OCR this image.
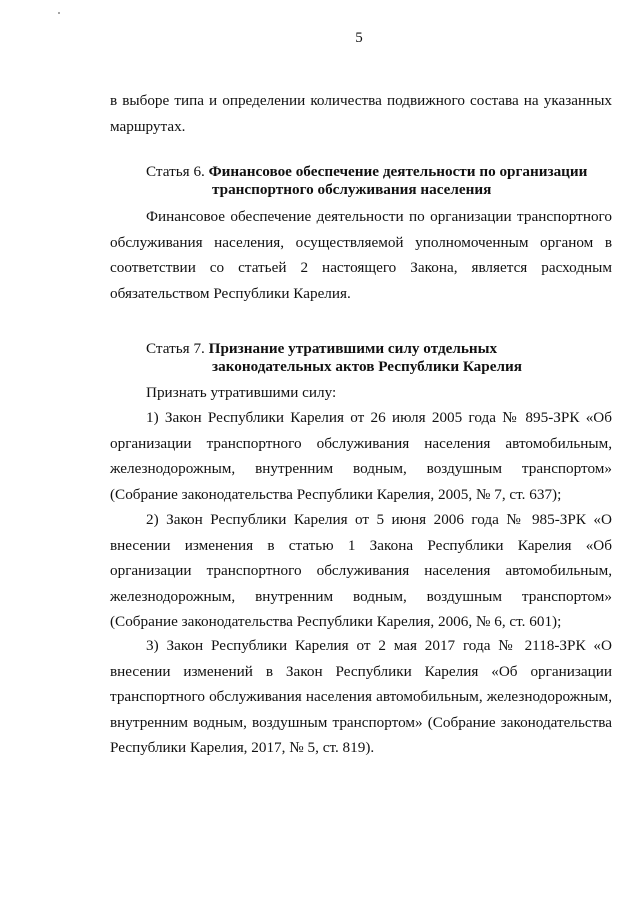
5
в выборе типа и определении количества подвижного состава на указанных маршрутах.
Статья 6. Финансовое обеспечение деятельности по организации
транспортного обслуживания населения
Финансовое обеспечение деятельности по организации транспортного обслуживания населения, осуществляемой уполномоченным органом в соответствии со статьей 2 настоящего Закона, является расходным обязательством Республики Карелия.
Статья 7. Признание утратившими силу отдельных
законодательных актов Республики Карелия
Признать утратившими силу:
1) Закон Республики Карелия от 26 июля 2005 года № 895-ЗРК «Об организации транспортного обслуживания населения автомобильным, железнодорожным, внутренним водным, воздушным транспортом» (Собрание законодательства Республики Карелия, 2005, № 7, ст. 637);
2) Закон Республики Карелия от 5 июня 2006 года № 985-ЗРК «О внесении изменения в статью 1 Закона Республики Карелия «Об организации транспортного обслуживания населения автомобильным, железнодорожным, внутренним водным, воздушным транспортом» (Собрание законодательства Республики Карелия, 2006, № 6, ст. 601);
3) Закон Республики Карелия от 2 мая 2017 года № 2118-ЗРК «О внесении изменений в Закон Республики Карелия «Об организации транспортного обслуживания населения автомобильным, железнодорожным, внутренним водным, воздушным транспортом» (Собрание законодательства Республики Карелия, 2017, № 5, ст. 819).
